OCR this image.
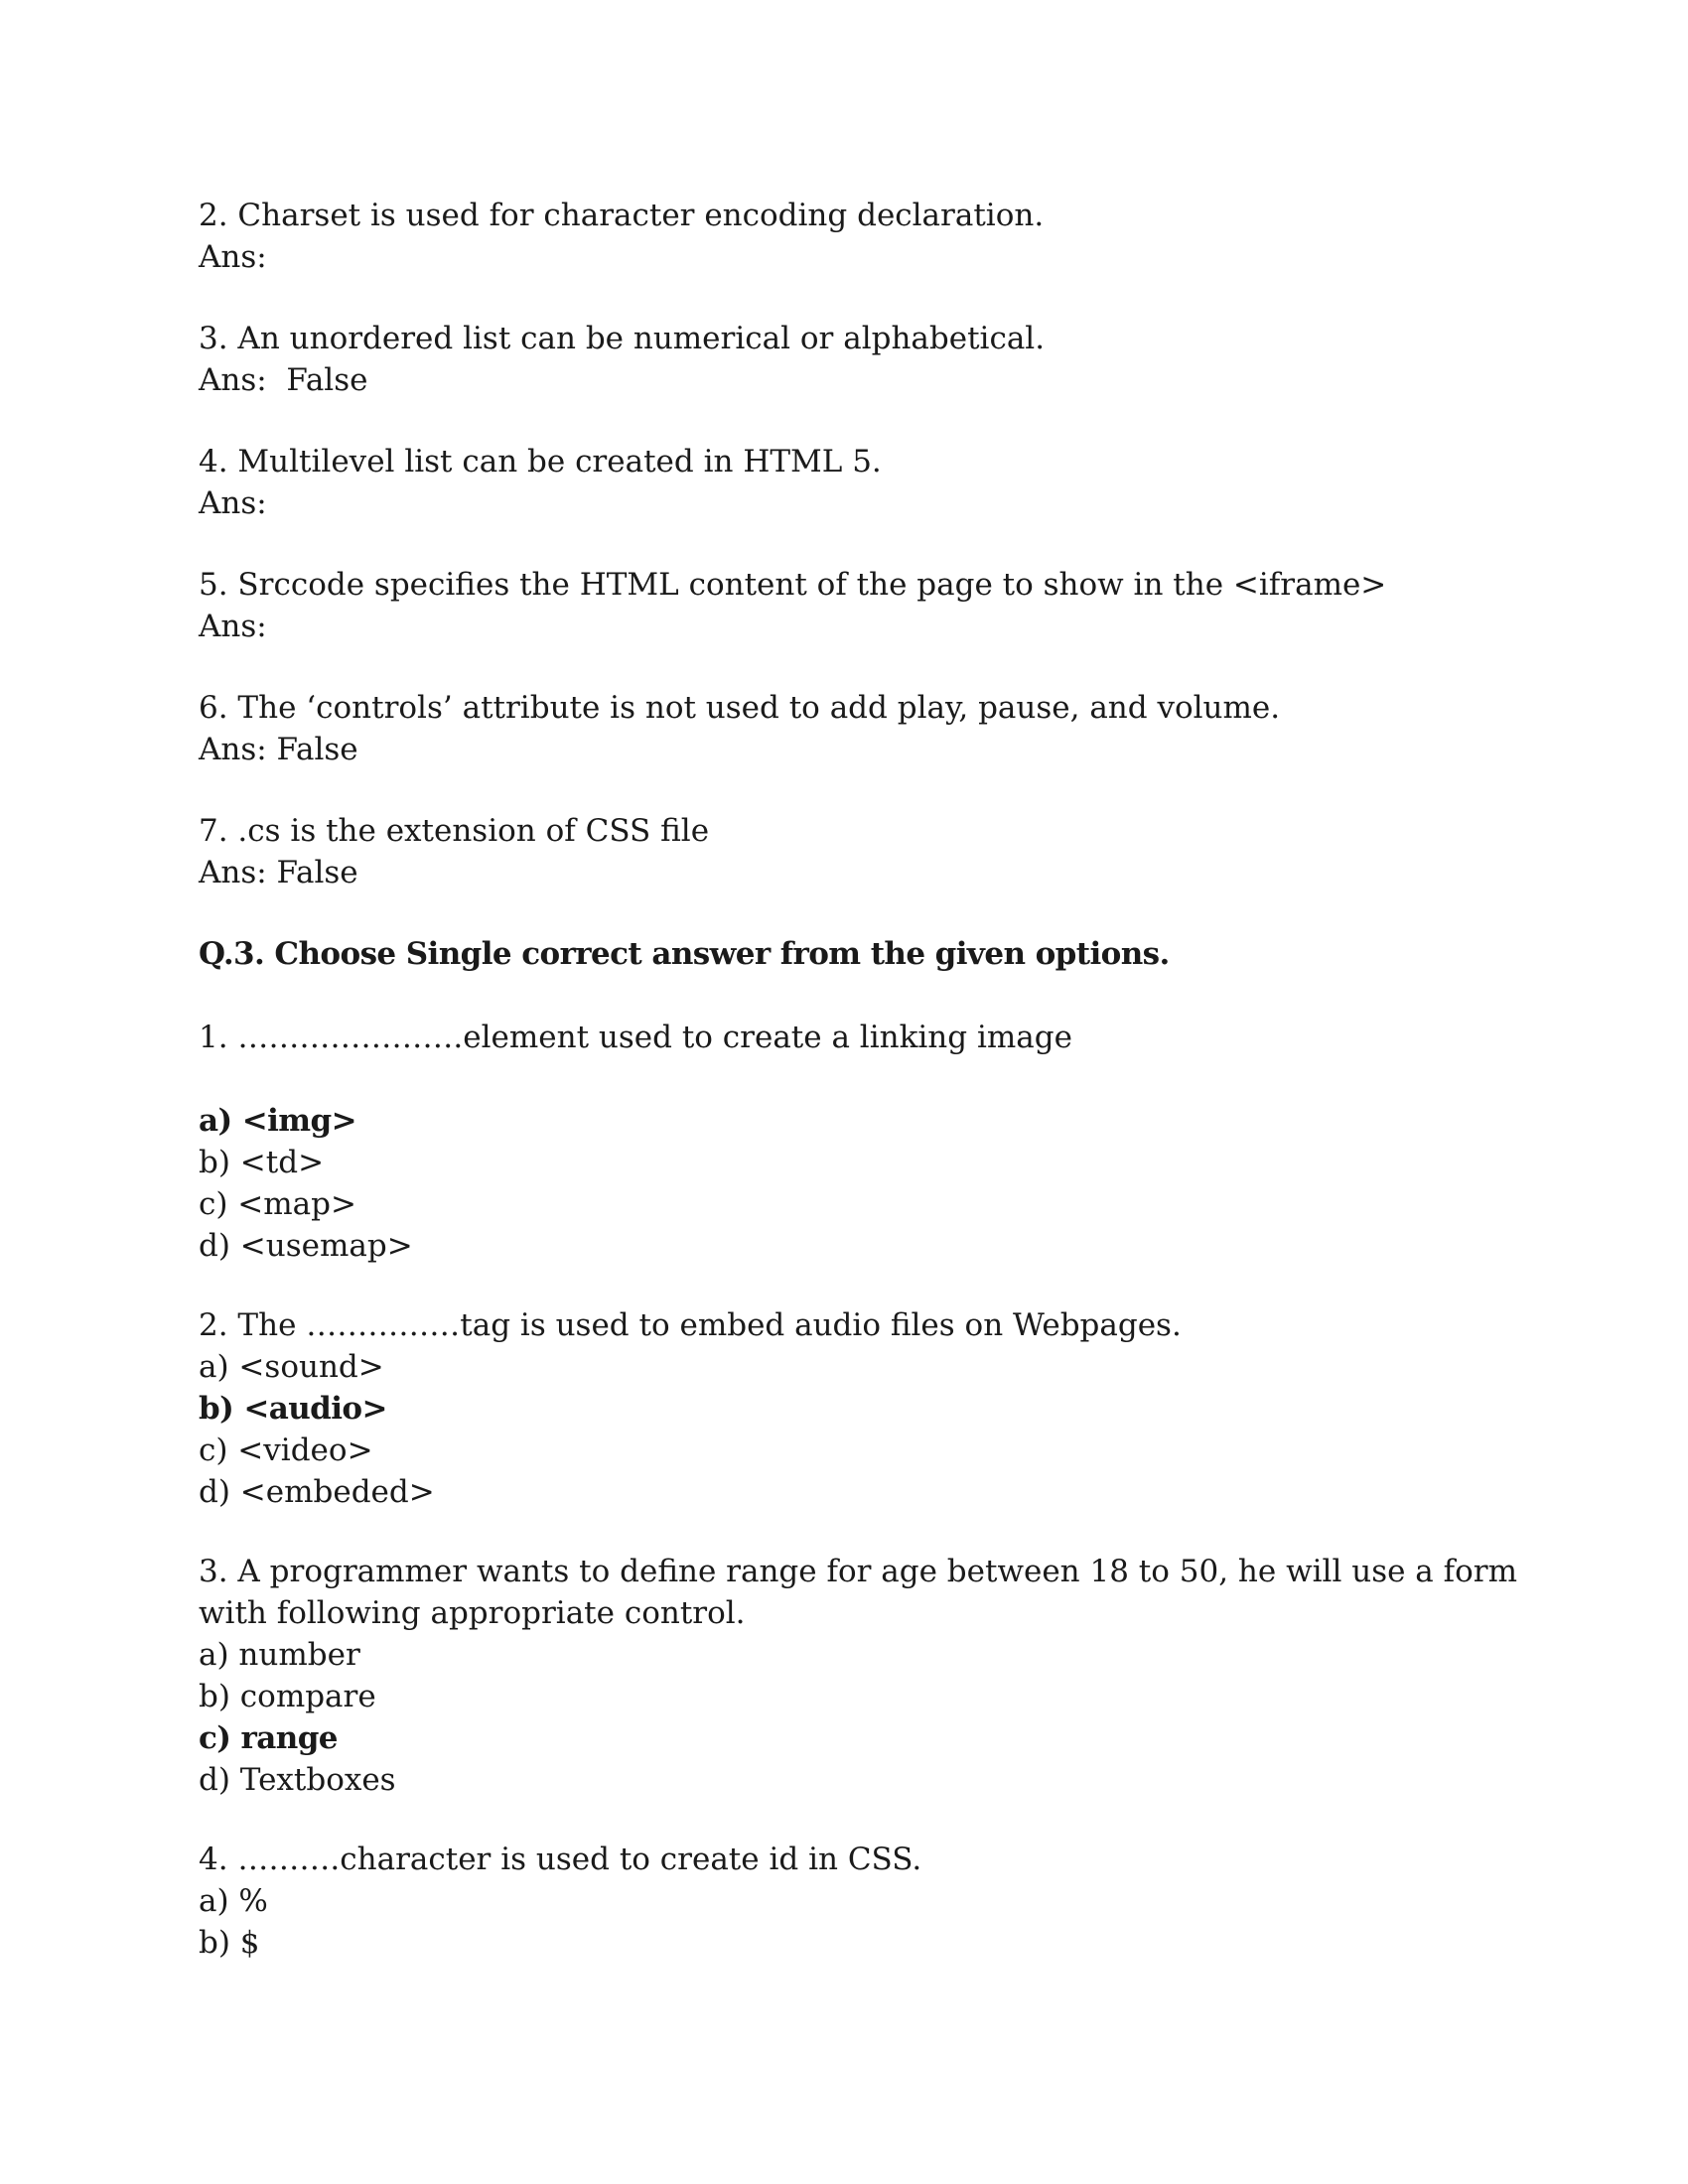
2. Charset is used for character encoding declaration.

Ans:

3. An unordered list can be numerical or alphabetical.

Ans:  False

4. Multilevel list can be created in HTML 5.

Ans:

5. Srccode specifies the HTML content of the page to show in the <iframe>

Ans:

6. The ‘controls’ attribute is not used to add play, pause, and volume.

Ans: False

7. .cs is the extension of CSS file

Ans: False

Q.3. Choose Single correct answer from the given options.

1. ………………….element used to create a linking image

a) <img>

b) <td>

c) <map>

d) <usemap>

2. The ……………tag is used to embed audio files on Webpages.

a) <sound>

b) <audio>

c) <video>

d) <embeded>

3. A programmer wants to define range for age between 18 to 50, he will use a form

with following appropriate control.

a) number

b) compare

c) range

d) Textboxes

4. ……….character is used to create id in CSS.

a) %

b) $
